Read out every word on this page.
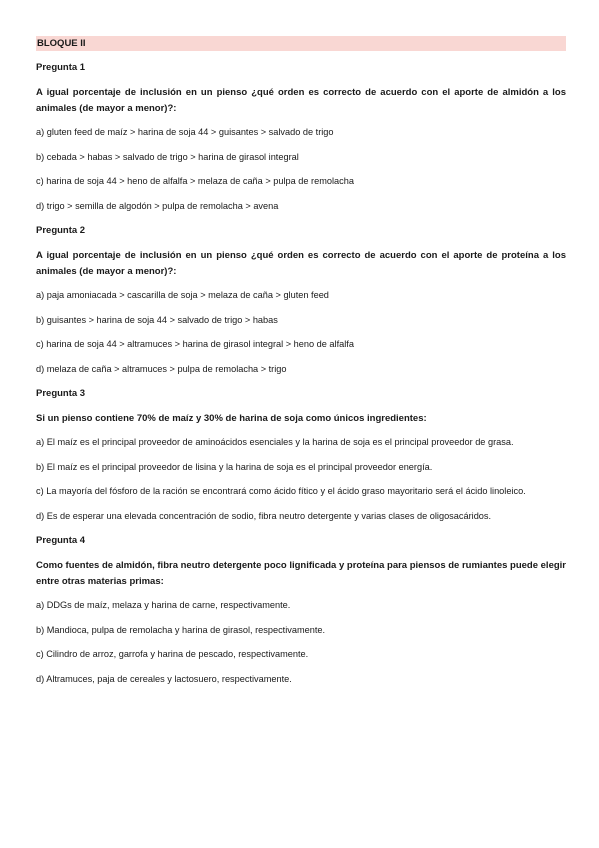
BLOQUE II
Pregunta 1
A igual porcentaje de inclusión en un pienso ¿qué orden es correcto de acuerdo con el aporte de almidón a los animales (de mayor a menor)?:
a) gluten feed de maíz > harina de soja 44 > guisantes > salvado de trigo
b) cebada > habas > salvado de trigo > harina de girasol integral
c) harina de soja 44 > heno de alfalfa > melaza de caña > pulpa de remolacha
d) trigo > semilla de algodón > pulpa de remolacha > avena
Pregunta 2
A igual porcentaje de inclusión en un pienso ¿qué orden es correcto de acuerdo con el aporte de proteína a los animales (de mayor a menor)?:
a) paja amoniacada > cascarilla de soja > melaza de caña > gluten feed
b) guisantes > harina de soja 44 > salvado de trigo > habas
c) harina de soja 44 > altramuces > harina de girasol integral > heno de alfalfa
d) melaza de caña > altramuces > pulpa de remolacha > trigo
Pregunta 3
Si un pienso contiene 70% de maíz y 30% de harina de soja como únicos ingredientes:
a) El maíz es el principal proveedor de aminoácidos esenciales y la harina de soja es el principal proveedor de grasa.
b) El maíz es el principal proveedor de lisina y la harina de soja es el principal proveedor energía.
c) La mayoría del fósforo de la ración se encontrará como ácido fítico y el ácido graso mayoritario será el ácido linoleico.
d) Es de esperar una elevada concentración de sodio, fibra neutro detergente y varias clases de oligosacáridos.
Pregunta 4
Como fuentes de almidón, fibra neutro detergente poco lignificada y proteína para piensos de rumiantes puede elegir entre otras materias primas:
a) DDGs de maíz, melaza y harina de carne, respectivamente.
b) Mandioca, pulpa de remolacha y harina de girasol, respectivamente.
c) Cilindro de arroz, garrofa y harina de pescado, respectivamente.
d) Altramuces, paja de cereales y lactosuero, respectivamente.
